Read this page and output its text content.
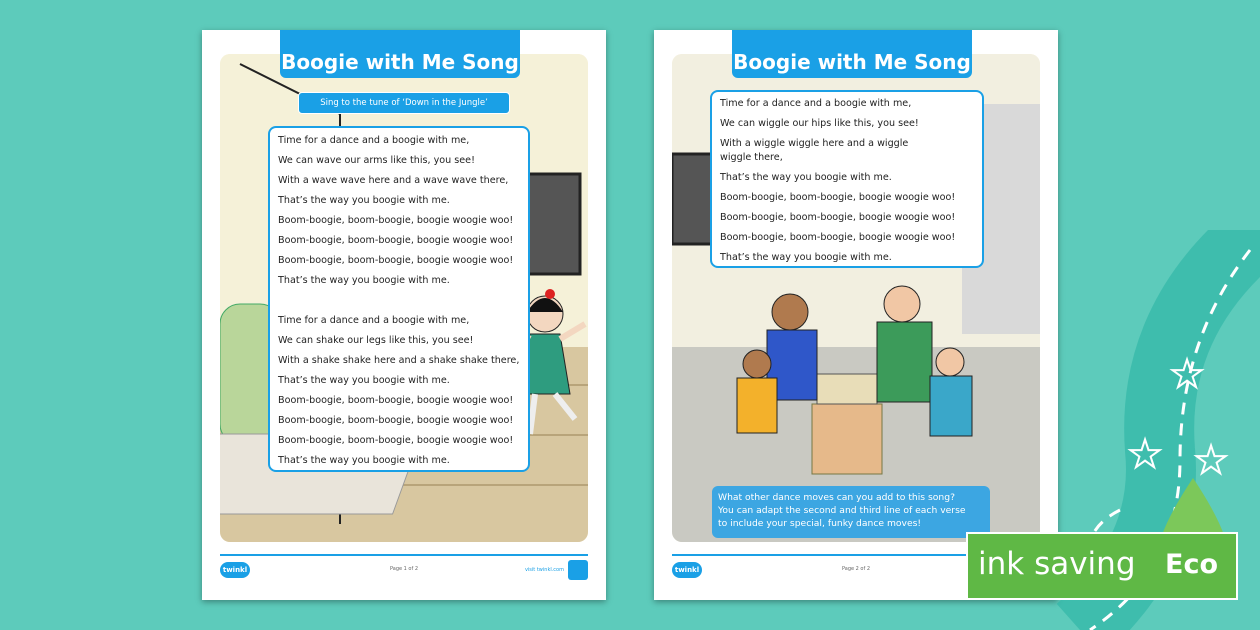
Boogie with Me Song
Sing to the tune of ‘Down in the Jungle’
Time for a dance and a boogie with me,
We can wave our arms like this, you see!
With a wave wave here and a wave wave there,
That’s the way you boogie with me.
Boom-boogie, boom-boogie, boogie woogie woo!
Boom-boogie, boom-boogie, boogie woogie woo!
Boom-boogie, boom-boogie, boogie woogie woo!
That’s the way you boogie with me.
Time for a dance and a boogie with me,
We can shake our legs like this, you see!
With a shake shake here and a shake shake there,
That’s the way you boogie with me.
Boom-boogie, boom-boogie, boogie woogie woo!
Boom-boogie, boom-boogie, boogie woogie woo!
Boom-boogie, boom-boogie, boogie woogie woo!
That’s the way you boogie with me.
twinkl	Page 1 of 2	visit twinkl.com
Boogie with Me Song
Time for a dance and a boogie with me,
We can wiggle our hips like this, you see!
With a wiggle wiggle here and a wiggle
wiggle there,
That’s the way you boogie with me.
Boom-boogie, boom-boogie, boogie woogie woo!
Boom-boogie, boom-boogie, boogie woogie woo!
Boom-boogie, boom-boogie, boogie woogie woo!
That’s the way you boogie with me.
What other dance moves can you add to this song?
You can adapt the second and third line of each verse
to include your special, funky dance moves!
twinkl	Page 2 of 2
★
★ ★
ink saving Eco
